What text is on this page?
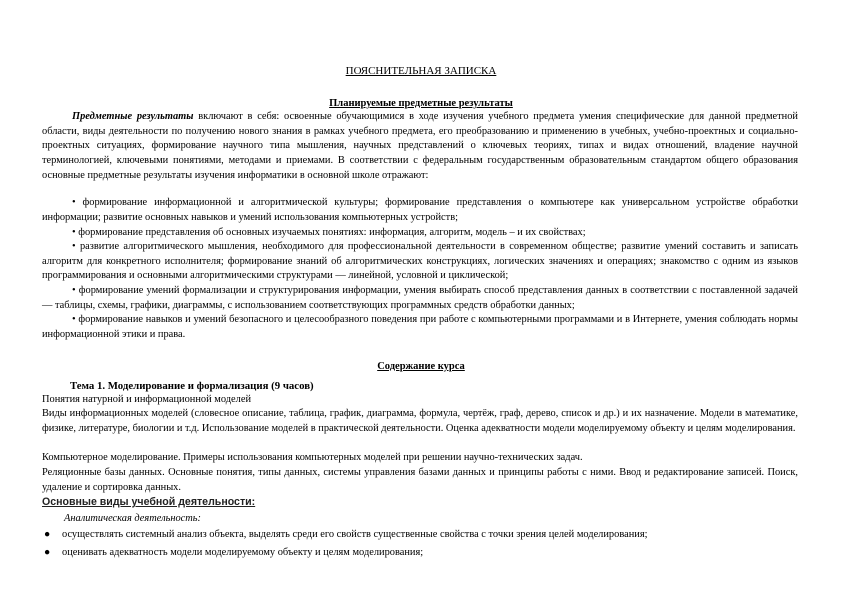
ПОЯСНИТЕЛЬНАЯ ЗАПИСКА
Планируемые предметные результаты
Предметные результаты включают в себя: освоенные обучающимися в ходе изучения учебного предмета умения специфические для данной предметной области, виды деятельности по получению нового знания в рамках учебного предмета, его преобразованию и применению в учебных, учебно-проектных и социально-проектных ситуациях, формирование научного типа мышления, научных представлений о ключевых теориях, типах и видах отношений, владение научной терминологией, ключевыми понятиями, методами и приемами. В соответствии с федеральным государственным образовательным стандартом общего образования основные предметные результаты изучения информатики в основной школе отражают:
• формирование информационной и алгоритмической культуры; формирование представления о компьютере как универсальном устройстве обработки информации; развитие основных навыков и умений использования компьютерных устройств;
• формирование представления об основных изучаемых понятиях: информация, алгоритм, модель – и их свойствах;
• развитие алгоритмического мышления, необходимого для профессиональной деятельности в современном обществе; развитие умений составить и записать алгоритм для конкретного исполнителя; формирование знаний об алгоритмических конструкциях, логических значениях и операциях; знакомство с одним из языков программирования и основными алгоритмическими структурами — линейной, условной и циклической;
• формирование умений формализации и структурирования информации, умения выбирать способ представления данных в соответствии с поставленной задачей — таблицы, схемы, графики, диаграммы, с использованием соответствующих программных средств обработки данных;
• формирование навыков и умений безопасного и целесообразного поведения при работе с компьютерными программами и в Интернете, умения соблюдать нормы информационной этики и права.
Содержание курса
Тема 1. Моделирование и формализация (9 часов)
Понятия натурной и информационной моделей
Виды информационных моделей (словесное описание, таблица, график, диаграмма, формула, чертёж, граф, дерево, список и др.) и их назначение. Модели в математике, физике, литературе, биологии и т.д. Использование моделей в практической деятельности. Оценка адекватности модели моделируемому объекту и целям моделирования.
Компьютерное моделирование. Примеры использования компьютерных моделей при решении научно-технических задач.
Реляционные базы данных. Основные понятия, типы данных, системы управления базами данных и принципы работы с ними. Ввод и редактирование записей. Поиск, удаление и сортировка данных.
Основные виды учебной деятельности:
Аналитическая деятельность:
● осуществлять системный анализ объекта, выделять среди его свойств существенные свойства с точки зрения целей моделирования;
● оценивать адекватность модели моделируемому объекту и целям моделирования;
